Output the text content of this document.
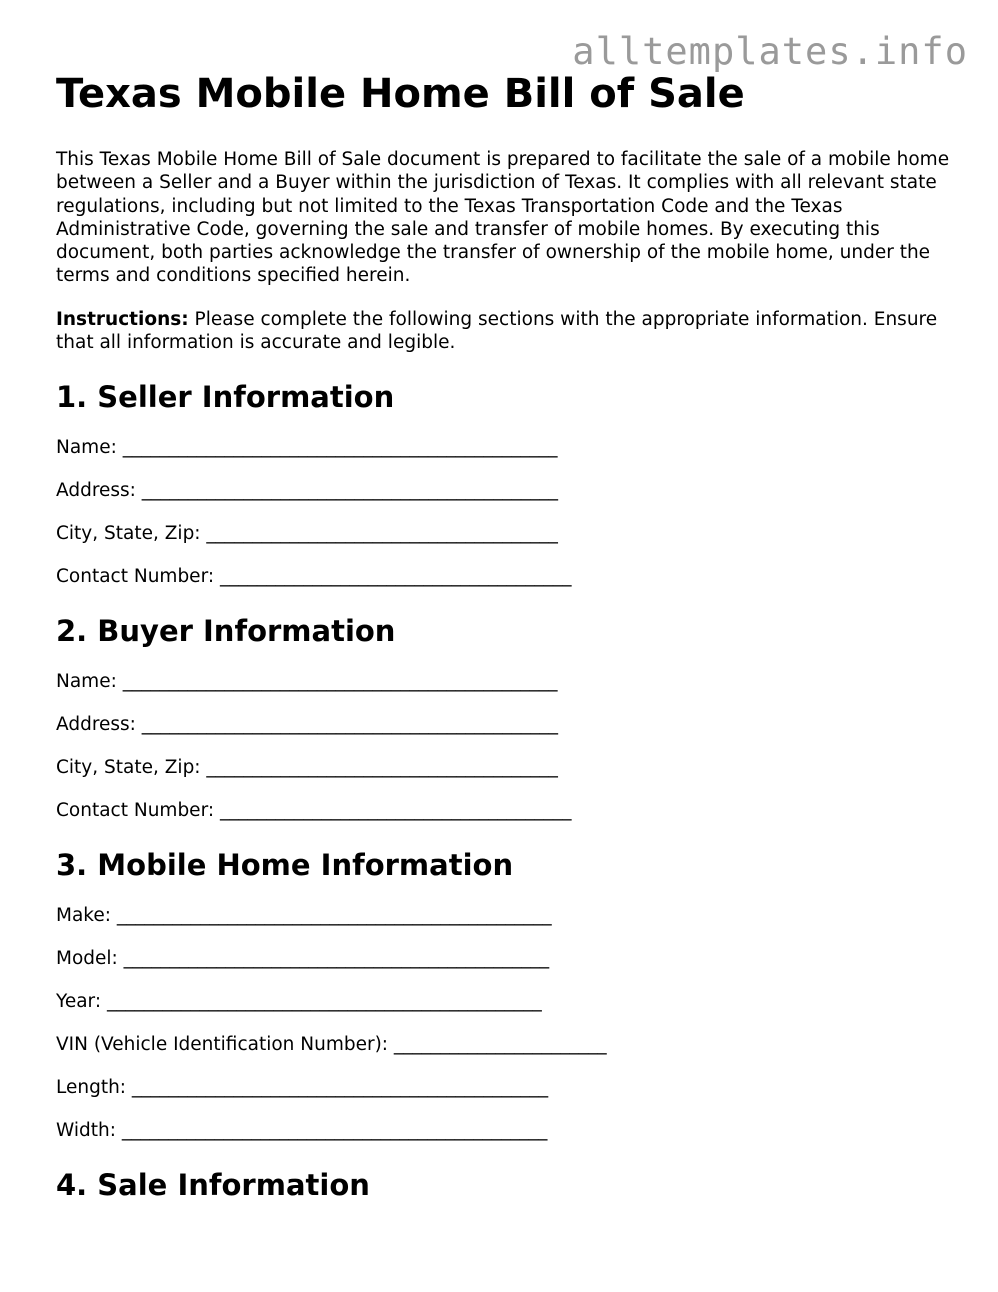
alltemplates.info
Texas Mobile Home Bill of Sale

This Texas Mobile Home Bill of Sale document is prepared to facilitate the sale of a mobile home between a Seller and a Buyer within the jurisdiction of Texas. It complies with all relevant state regulations, including but not limited to the Texas Transportation Code and the Texas Administrative Code, governing the sale and transfer of mobile homes. By executing this document, both parties acknowledge the transfer of ownership of the mobile home, under the terms and conditions specified herein.

Instructions: Please complete the following sections with the appropriate information. Ensure that all information is accurate and legible.

1. Seller Information
Name: _______________________________________________
Address: _____________________________________________
City, State, Zip: ______________________________________
Contact Number: ______________________________________
2. Buyer Information
Name: _______________________________________________
Address: _____________________________________________
City, State, Zip: ______________________________________
Contact Number: ______________________________________
3. Mobile Home Information
Make: _______________________________________________
Model: ______________________________________________
Year: _______________________________________________
VIN (Vehicle Identification Number): _______________________
Length: _____________________________________________
Width: ______________________________________________
4. Sale Information
